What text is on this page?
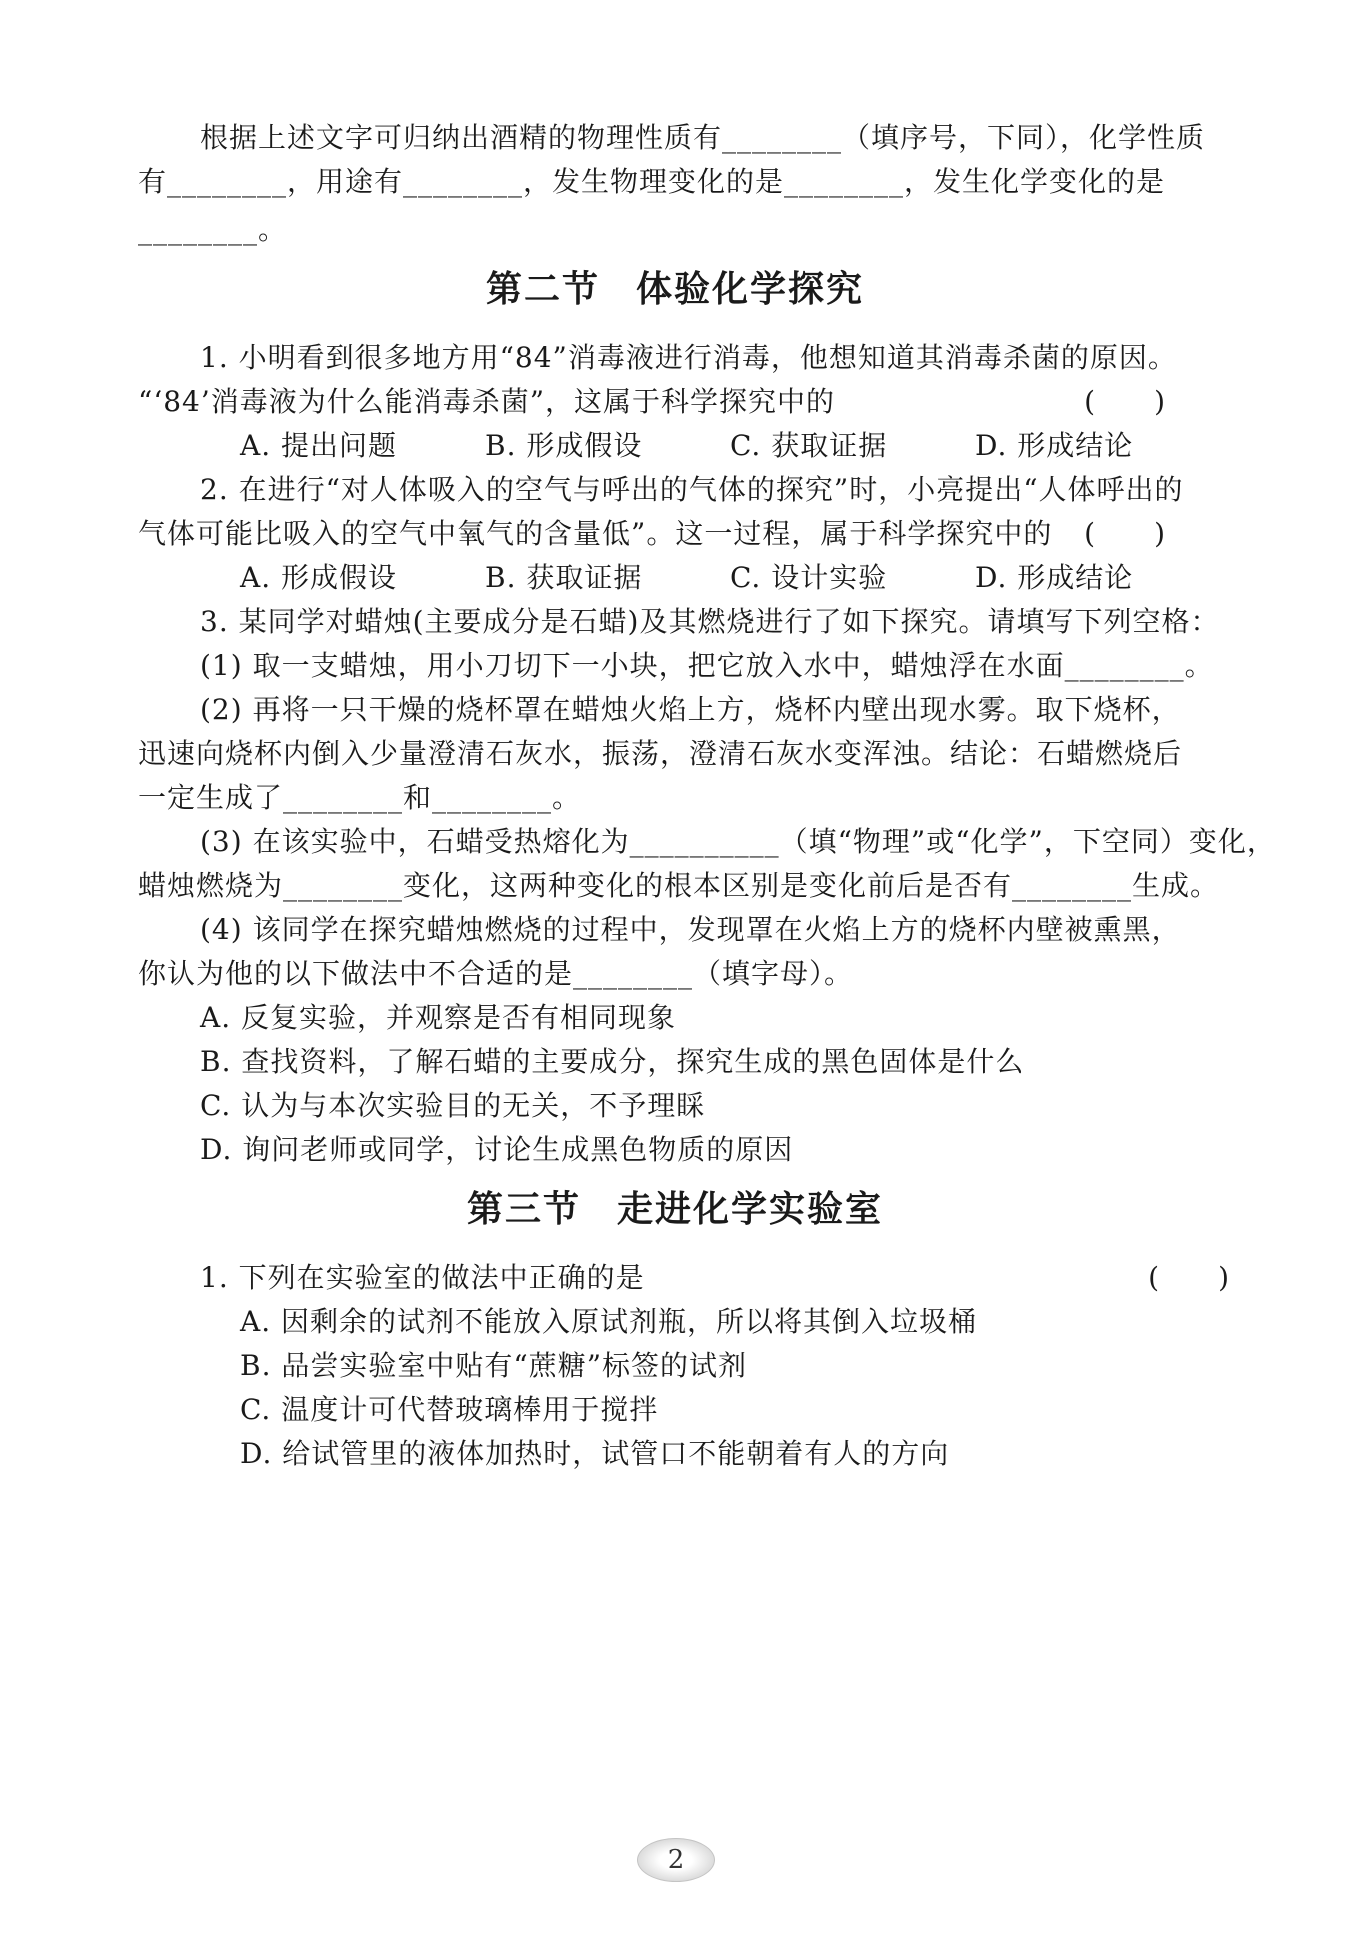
根据上述文字可归纳出酒精的物理性质有________（填序号，下同），化学性质
有________，用途有________，发生物理变化的是________，发生化学变化的是
________。
第二节 体验化学探究
1. 小明看到很多地方用“84”消毒液进行消毒，他想知道其消毒杀菌的原因。
“‘84’消毒液为什么能消毒杀菌”，这属于科学探究中的	(　　)
A. 提出问题	B. 形成假设	C. 获取证据	D. 形成结论
2. 在进行“对人体吸入的空气与呼出的气体的探究”时，小亮提出“人体呼出的
气体可能比吸入的空气中氧气的含量低”。这一过程，属于科学探究中的 (　　)
A. 形成假设	B. 获取证据	C. 设计实验	D. 形成结论
3. 某同学对蜡烛(主要成分是石蜡)及其燃烧进行了如下探究。请填写下列空格：
(1) 取一支蜡烛，用小刀切下一小块，把它放入水中，蜡烛浮在水面________。
(2) 再将一只干燥的烧杯罩在蜡烛火焰上方，烧杯内壁出现水雾。取下烧杯，
迅速向烧杯内倒入少量澄清石灰水，振荡，澄清石灰水变浑浊。结论：石蜡燃烧后
一定生成了________和________。
(3) 在该实验中，石蜡受热熔化为__________（填“物理”或“化学”，下空同）变化，
蜡烛燃烧为________变化，这两种变化的根本区别是变化前后是否有________生成。
(4) 该同学在探究蜡烛燃烧的过程中，发现罩在火焰上方的烧杯内壁被熏黑，
你认为他的以下做法中不合适的是________（填字母）。
A. 反复实验，并观察是否有相同现象
B. 查找资料，了解石蜡的主要成分，探究生成的黑色固体是什么
C. 认为与本次实验目的无关，不予理睬
D. 询问老师或同学，讨论生成黑色物质的原因
第三节 走进化学实验室
1. 下列在实验室的做法中正确的是	(　　)
A. 因剩余的试剂不能放入原试剂瓶，所以将其倒入垃圾桶
B. 品尝实验室中贴有“蔗糖”标签的试剂
C. 温度计可代替玻璃棒用于搅拌
D. 给试管里的液体加热时，试管口不能朝着有人的方向
2
